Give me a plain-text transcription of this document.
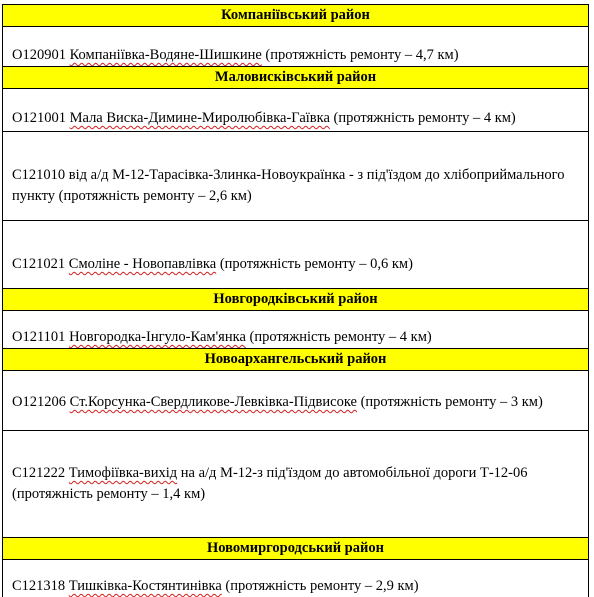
Компаніївський район
О120901 Компаніївка-Водяне-Шишкине (протяжність ремонту – 4,7 км)
Маловисківський район
О121001 Мала Виска-Димине-Миролюбівка-Гаївка (протяжність ремонту – 4 км)
С121010 від а/д М-12-Тарасівка-Злинка-Новоукраїнка - з під'їздом до хлібоприймального пункту (протяжність ремонту – 2,6 км)
С121021 Смоліне - Новопавлівка (протяжність ремонту – 0,6 км)
Новгородківський район
О121101 Новгородка-Інгуло-Кам'янка (протяжність ремонту – 4 км)
Новоархангельський район
О121206 Ст.Корсунка-Свердликове-Левківка-Підвисоке (протяжність ремонту – 3 км)
С121222 Тимофіївка-вихід на а/д М-12-з під'їздом до автомобільної дороги Т-12-06 (протяжність ремонту – 1,4 км)
Новомиргородський район
С121318 Тишківка-Костянтинівка (протяжність ремонту – 2,9 км)
